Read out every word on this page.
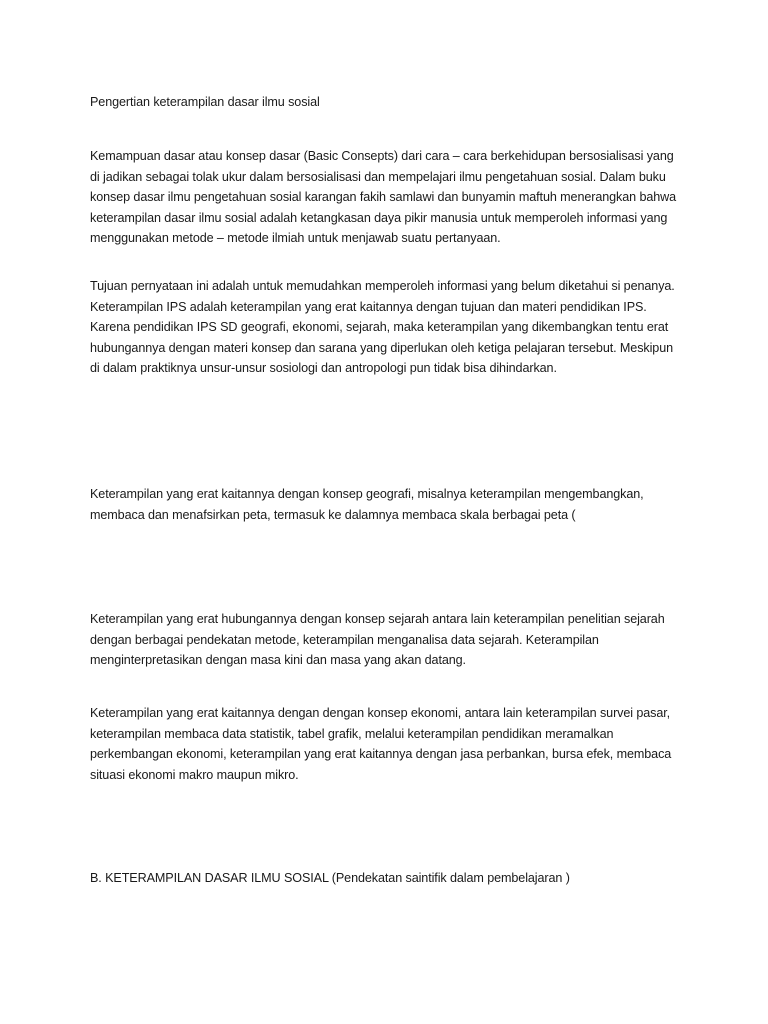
Pengertian keterampilan dasar ilmu sosial

Kemampuan dasar atau konsep dasar (Basic Consepts) dari cara – cara berkehidupan bersosialisasi yang di jadikan sebagai tolak ukur dalam bersosialisasi dan mempelajari ilmu pengetahuan sosial. Dalam buku konsep dasar ilmu pengetahuan sosial karangan fakih samlawi dan bunyamin maftuh menerangkan bahwa keterampilan dasar ilmu sosial adalah ketangkasan daya pikir manusia untuk memperoleh informasi yang menggunakan metode – metode ilmiah untuk menjawab suatu pertanyaan.

Tujuan pernyataan ini adalah untuk memudahkan memperoleh informasi yang belum diketahui si penanya. Keterampilan IPS adalah keterampilan yang erat kaitannya dengan tujuan dan materi pendidikan IPS. Karena pendidikan IPS SD geografi, ekonomi, sejarah, maka keterampilan yang dikembangkan tentu erat hubungannya dengan materi konsep dan sarana yang diperlukan oleh ketiga pelajaran tersebut. Meskipun di dalam praktiknya unsur-unsur sosiologi dan antropologi pun tidak bisa dihindarkan.

Keterampilan yang erat kaitannya dengan konsep geografi, misalnya keterampilan mengembangkan, membaca dan menafsirkan peta, termasuk ke dalamnya membaca skala berbagai peta (

Keterampilan yang erat hubungannya dengan konsep sejarah antara lain keterampilan penelitian sejarah dengan berbagai pendekatan metode, keterampilan menganalisa data sejarah. Keterampilan menginterpretasikan dengan masa kini dan masa yang akan datang.

Keterampilan yang erat kaitannya dengan dengan konsep ekonomi, antara lain keterampilan survei pasar, keterampilan membaca data statistik, tabel grafik, melalui keterampilan pendidikan meramalkan perkembangan ekonomi, keterampilan yang erat kaitannya dengan jasa perbankan, bursa efek, membaca situasi ekonomi makro maupun mikro.

B. KETERAMPILAN DASAR ILMU SOSIAL (Pendekatan saintifik dalam pembelajaran )
